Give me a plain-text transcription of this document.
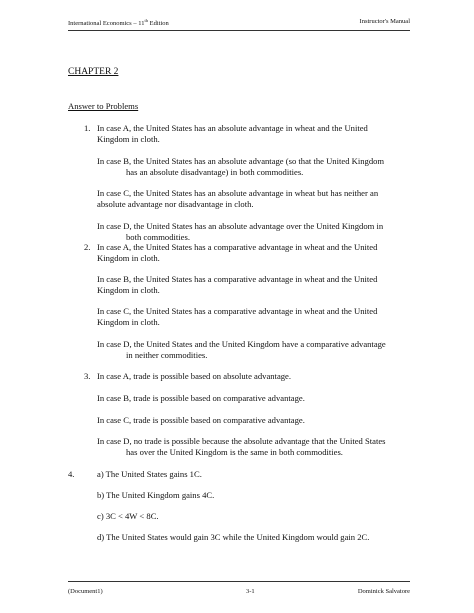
International Economics – 11th Edition	Instructor's Manual
CHAPTER 2
Answer to Problems
1. In case A, the United States has an absolute advantage in wheat and the United
Kingdom in cloth.
In case B, the United States has an absolute advantage (so that the United Kingdom
has an absolute disadvantage) in both commodities.
In case C, the United States has an absolute advantage in wheat but has neither an
absolute advantage nor disadvantage in cloth.
In case D, the United States has an absolute advantage over the United Kingdom in
both commodities.
2. In case A, the United States has a comparative advantage in wheat and the United
Kingdom in cloth.
In case B, the United States has a comparative advantage in wheat and the United
Kingdom in cloth.
In case C, the United States has a comparative advantage in wheat and the United
Kingdom in cloth.
In case D, the United States and the United Kingdom have a comparative advantage
in neither commodities.
3. In case A, trade is possible based on absolute advantage.
In case B, trade is possible based on comparative advantage.
In case C, trade is possible based on comparative advantage.
In case D, no trade is possible because the absolute advantage that the United States
has over the United Kingdom is the same in both commodities.
4.	a) The United States gains 1C.
b) The United Kingdom gains 4C.
c) 3C < 4W < 8C.
d) The United States would gain 3C while the United Kingdom would gain 2C.
(Document1)	3-1	Dominick Salvatore
